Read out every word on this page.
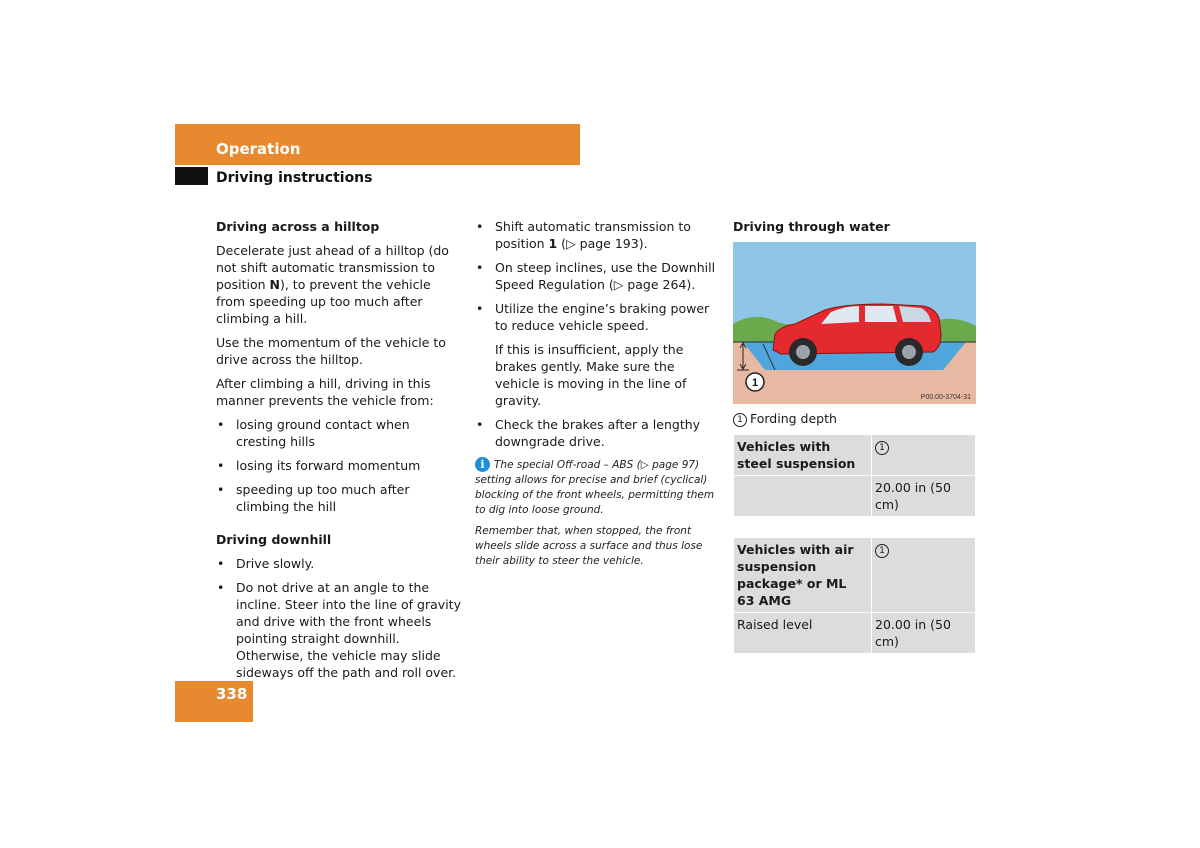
Operation
Driving instructions
Driving across a hilltop

Decelerate just ahead of a hilltop (do not shift automatic transmission to position N), to prevent the vehicle from speeding up too much after climbing a hill.

Use the momentum of the vehicle to drive across the hilltop.

After climbing a hill, driving in this manner prevents the vehicle from:

• losing ground contact when cresting hills
• losing its forward momentum
• speeding up too much after climbing the hill
Driving downhill
• Drive slowly.
• Do not drive at an angle to the incline. Steer into the line of gravity and drive with the front wheels pointing straight downhill. Otherwise, the vehicle may slide sideways off the path and roll over.
• Shift automatic transmission to position 1 (▷ page 193).
• On steep inclines, use the Downhill Speed Regulation (▷ page 264).
• Utilize the engine’s braking power to reduce vehicle speed.

If this is insufficient, apply the brakes gently. Make sure the vehicle is moving in the line of gravity.

• Check the brakes after a lengthy downgrade drive.

i The special Off-road – ABS (▷ page 97) setting allows for precise and brief (cyclical) blocking of the front wheels, permitting them to dig into loose ground.

Remember that, when stopped, the front wheels slide across a surface and thus lose their ability to steer the vehicle.

Driving through water
1
P00.00-3704-31

1 Fording depth

Vehicles with steel suspension	1
	20.00 in (50 cm)
Vehicles with air suspension package* or ML 63 AMG	1
Raised level	20.00 in (50 cm)
338
